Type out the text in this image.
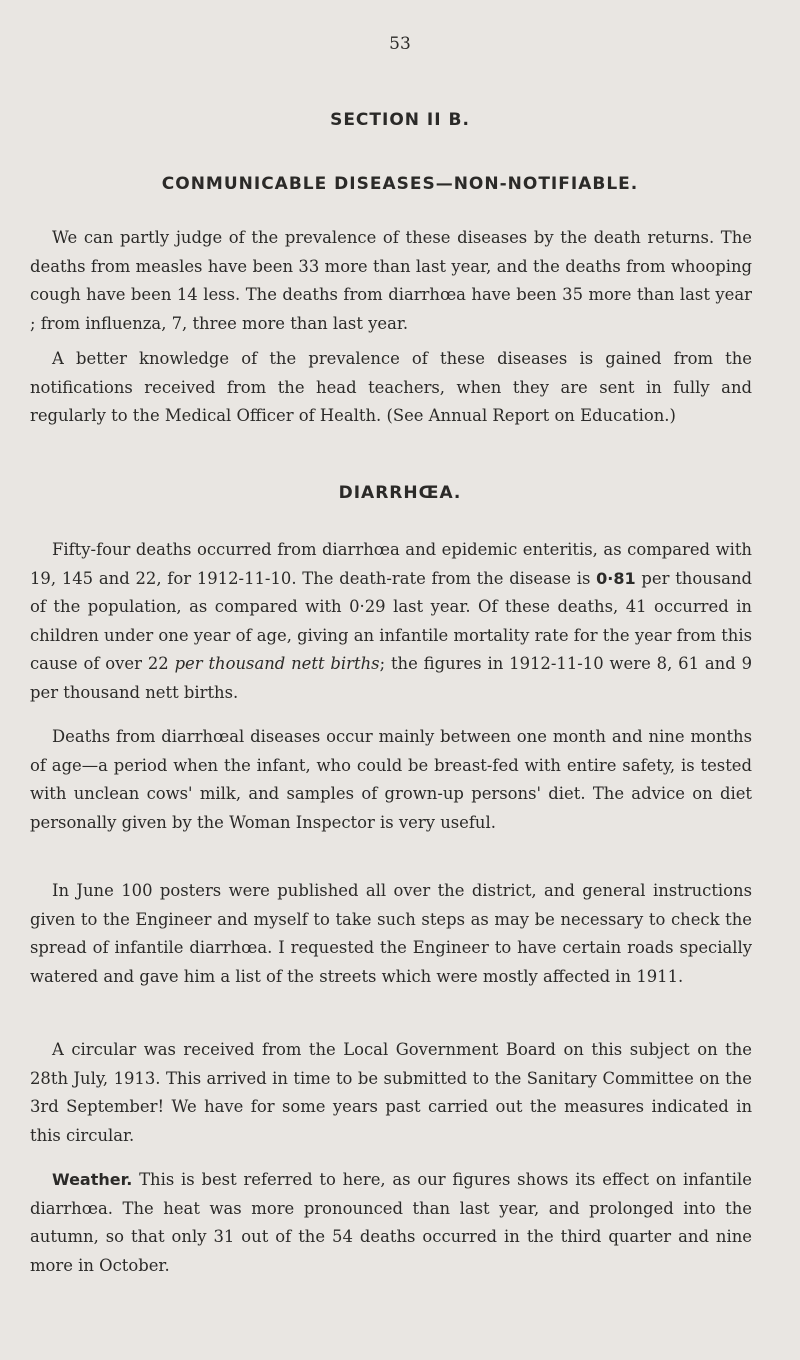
53
SECTION II B.
CONMUNICABLE DISEASES—NON-NOTIFIABLE.

We can partly judge of the prevalence of these diseases by the death returns. The deaths from measles have been 33 more than last year, and the deaths from whooping cough have been 14 less. The deaths from diarrhœa have been 35 more than last year ; from influenza, 7, three more than last year.

A better knowledge of the prevalence of these diseases is gained from the notifications received from the head teachers, when they are sent in fully and regularly to the Medical Officer of Health. (See Annual Report on Education.)

DIARRHŒA.

Fifty-four deaths occurred from diarrhœa and epidemic enteritis, as compared with 19, 145 and 22, for 1912-11-10. The death-rate from the disease is 0·81 per thousand of the population, as compared with 0·29 last year. Of these deaths, 41 occurred in children under one year of age, giving an infantile mortality rate for the year from this cause of over 22 per thousand nett births; the figures in 1912-11-10 were 8, 61 and 9 per thousand nett births.

Deaths from diarrhœal diseases occur mainly between one month and nine months of age—a period when the infant, who could be breast-fed with entire safety, is tested with unclean cows' milk, and samples of grown-up persons' diet. The advice on diet personally given by the Woman Inspector is very useful.

In June 100 posters were published all over the district, and general instructions given to the Engineer and myself to take such steps as may be necessary to check the spread of infantile diarrhœa. I requested the Engineer to have certain roads specially watered and gave him a list of the streets which were mostly affected in 1911.

A circular was received from the Local Government Board on this subject on the 28th July, 1913. This arrived in time to be submitted to the Sanitary Committee on the 3rd September! We have for some years past carried out the measures indicated in this circular.

Weather. This is best referred to here, as our figures shows its effect on infantile diarrhœa. The heat was more pronounced than last year, and prolonged into the autumn, so that only 31 out of the 54 deaths occurred in the third quarter and nine more in October.
